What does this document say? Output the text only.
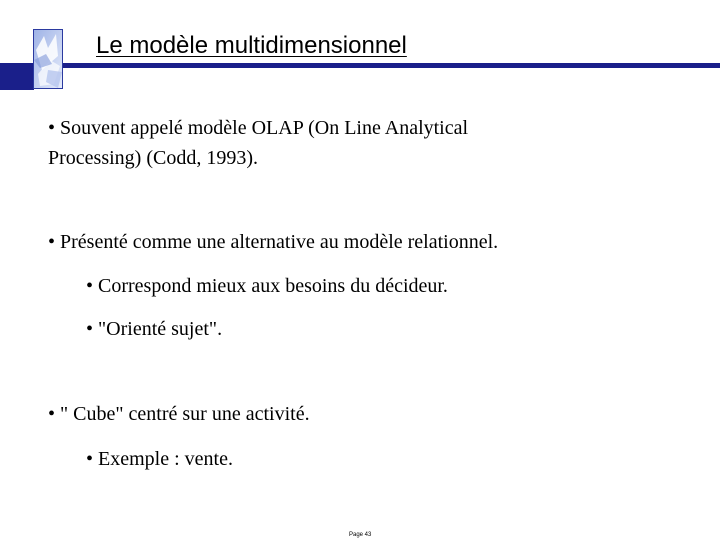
Le modèle multidimensionnel
• Souvent appelé modèle OLAP (On Line Analytical
Processing) (Codd, 1993).
• Présenté comme une alternative au modèle relationnel.
• Correspond mieux aux besoins du décideur.
• "Orienté sujet".
• " Cube" centré sur une activité.
• Exemple : vente.
Page 43
